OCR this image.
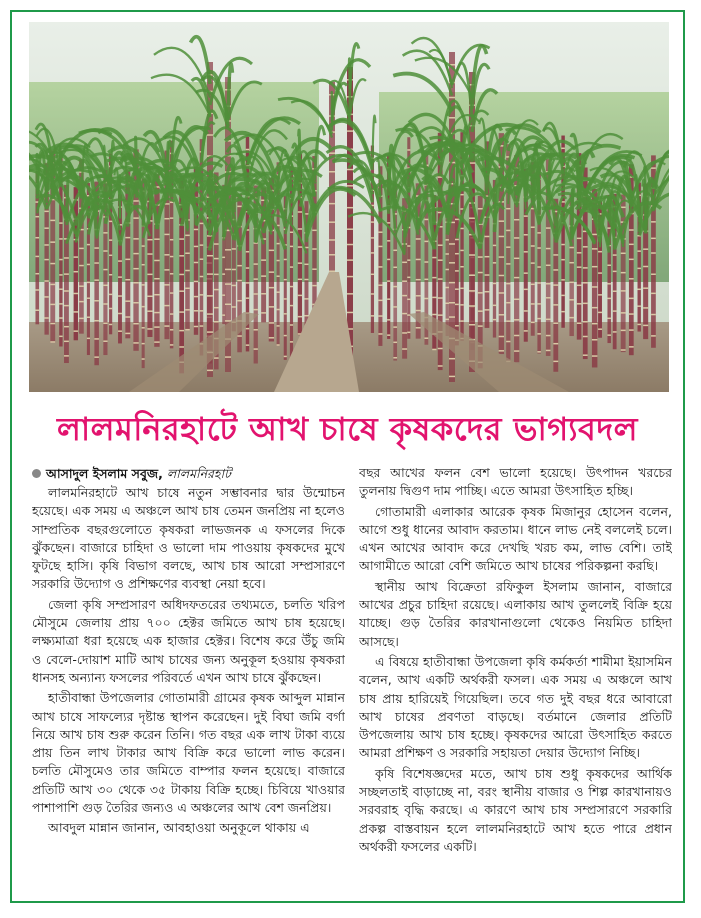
লালমনিরহাটে আখ চাষে কৃষকদের ভাগ্যবদল
আসাদুল ইসলাম সবুজ, লালমনিরহাট

লালমনিরহাটে আখ চাষে নতুন সম্ভাবনার দ্বার উন্মোচন হয়েছে। এক সময় এ অঞ্চলে আখ চাষ তেমন জনপ্রিয় না হলেও সাম্প্রতিক বছরগুলোতে কৃষকরা লাভজনক এ ফসলের দিকে ঝুঁকছেন। বাজারে চাহিদা ও ভালো দাম পাওয়ায় কৃষকদের মুখে ফুটছে হাসি। কৃষি বিভাগ বলছে, আখ চাষ আরো সম্প্রসারণে সরকারি উদ্যোগ ও প্রশিক্ষণের ব্যবস্থা নেয়া হবে।

জেলা কৃষি সম্প্রসারণ অধিদফতরের তথ্যমতে, চলতি খরিপ মৌসুমে জেলায় প্রায় ৭০০ হেক্টর জমিতে আখ চাষ হয়েছে। লক্ষ্যমাত্রা ধরা হয়েছে এক হাজার হেক্টর। বিশেষ করে উঁচু জমি ও বেলে-দোয়াশ মাটি আখ চাষের জন্য অনুকূল হওয়ায় কৃষকরা ধানসহ অন্যান্য ফসলের পরিবর্তে এখন আখ চাষে ঝুঁকছেন।

হাতীবান্ধা উপজেলার গোতামারী গ্রামের কৃষক আব্দুল মান্নান আখ চাষে সাফল্যের দৃষ্টান্ত স্থাপন করেছেন। দুই বিঘা জমি বর্গা নিয়ে আখ চাষ শুরু করেন তিনি। গত বছর এক লাখ টাকা ব্যয়ে প্রায় তিন লাখ টাকার আখ বিক্রি করে ভালো লাভ করেন। চলতি মৌসুমেও তার জমিতে বাম্পার ফলন হয়েছে। বাজারে প্রতিটি আখ ৩০ থেকে ৩৫ টাকায় বিক্রি হচ্ছে। চিবিয়ে খাওয়ার পাশাপাশি গুড় তৈরির জন্যও এ অঞ্চলের আখ বেশ জনপ্রিয়।

আবদুল মান্নান জানান, আবহাওয়া অনুকূলে থাকায় এ

বছর আখের ফলন বেশ ভালো হয়েছে। উৎপাদন খরচের তুলনায় দ্বিগুণ দাম পাচ্ছি। এতে আমরা উৎসাহিত হচ্ছি।

গোতামারী এলাকার আরেক কৃষক মিজানুর হোসেন বলেন, আগে শুধু ধানের আবাদ করতাম। ধানে লাভ নেই বললেই চলে। এখন আখের আবাদ করে দেখছি খরচ কম, লাভ বেশি। তাই আগামীতে আরো বেশি জমিতে আখ চাষের পরিকল্পনা করছি।

স্থানীয় আখ বিক্রেতা রফিকুল ইসলাম জানান, বাজারে আখের প্রচুর চাহিদা রয়েছে। এলাকায় আখ তুললেই বিক্রি হয়ে যাচ্ছে। গুড় তৈরির কারখানাগুলো থেকেও নিয়মিত চাহিদা আসছে।

এ বিষয়ে হাতীবান্ধা উপজেলা কৃষি কর্মকর্তা শামীমা ইয়াসমিন বলেন, আখ একটি অর্থকরী ফসল। এক সময় এ অঞ্চলে আখ চাষ প্রায় হারিয়েই গিয়েছিল। তবে গত দুই বছর ধরে আবারো আখ চাষের প্রবণতা বাড়ছে। বর্তমানে জেলার প্রতিটি উপজেলায় আখ চাষ হচ্ছে। কৃষকদের আরো উৎসাহিত করতে আমরা প্রশিক্ষণ ও সরকারি সহায়তা দেয়ার উদ্যোগ নিচ্ছি।

কৃষি বিশেষজ্ঞদের মতে, আখ চাষ শুধু কৃষকদের আর্থিক সচ্ছলতাই বাড়াচ্ছে না, বরং স্থানীয় বাজার ও শিল্প কারখানায়ও সরবরাহ বৃদ্ধি করছে। এ কারণে আখ চাষ সম্প্রসারণে সরকারি প্রকল্প বাস্তবায়ন হলে লালমনিরহাটে আখ হতে পারে প্রধান অর্থকরী ফসলের একটি।
